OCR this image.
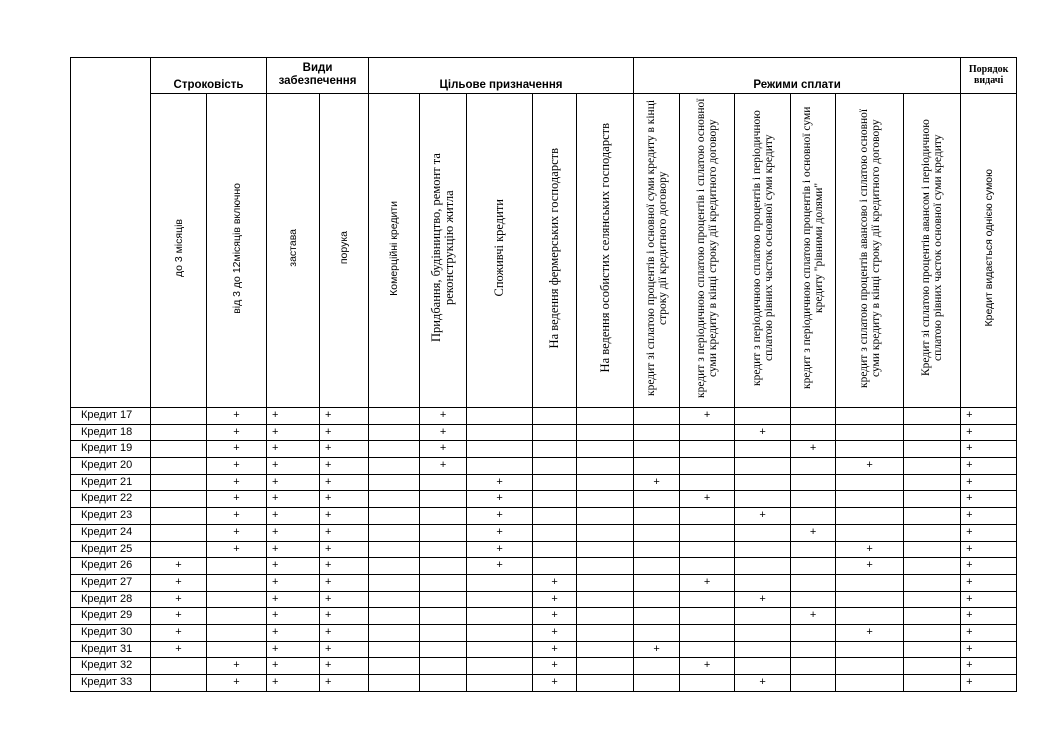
	Строковість		Види забезпечення		Цільове призначення					Режими сплати						Порядок видачі
	до 3 місяців	від 3 до 12місяців включно	застава	порука	Комерційні кредити	Придбання, будівництво, ремонт та реконструкцію житла	Споживчі кредити	На ведення фермерських господарств	На ведення особистих селянських господарств	кредит зі сплатою процентів і основної суми кредиту в кінці строку дії кредитного договору	кредит з періодичною сплатою процентів і сплатою основної суми кредиту в кінці строку дії кредитного договору	кредит з періодичною сплатою процентів і періодичною сплатою рівних часток основної суми кредиту	кредит з періодичною сплатою процентів і основної суми кредиту "рівними долями"	кредит з сплатою процентів авансово і сплатою основної суми кредиту в кінці строку дії кредитного договору	Кредит зі сплатою процентів авансом і періодичною сплатою рівних часток основної суми кредиту	Кредит видається однією сумою
Кредит 17		+	+	+		+					+					+
Кредит 18		+	+	+		+						+				+
Кредит 19		+	+	+		+							+			+
Кредит 20		+	+	+		+								+		+
Кредит 21		+	+	+			+			+						+
Кредит 22		+	+	+			+				+					+
Кредит 23		+	+	+			+					+				+
Кредит 24		+	+	+			+						+			+
Кредит 25		+	+	+			+							+		+
Кредит 26	+		+	+			+							+		+
Кредит 27	+		+	+				+			+					+
Кредит 28	+		+	+				+				+				+
Кредит 29	+		+	+				+					+			+
Кредит 30	+		+	+				+						+		+
Кредит 31	+		+	+				+		+						+
Кредит 32		+	+	+				+			+					+
Кредит 33		+	+	+				+				+				+
